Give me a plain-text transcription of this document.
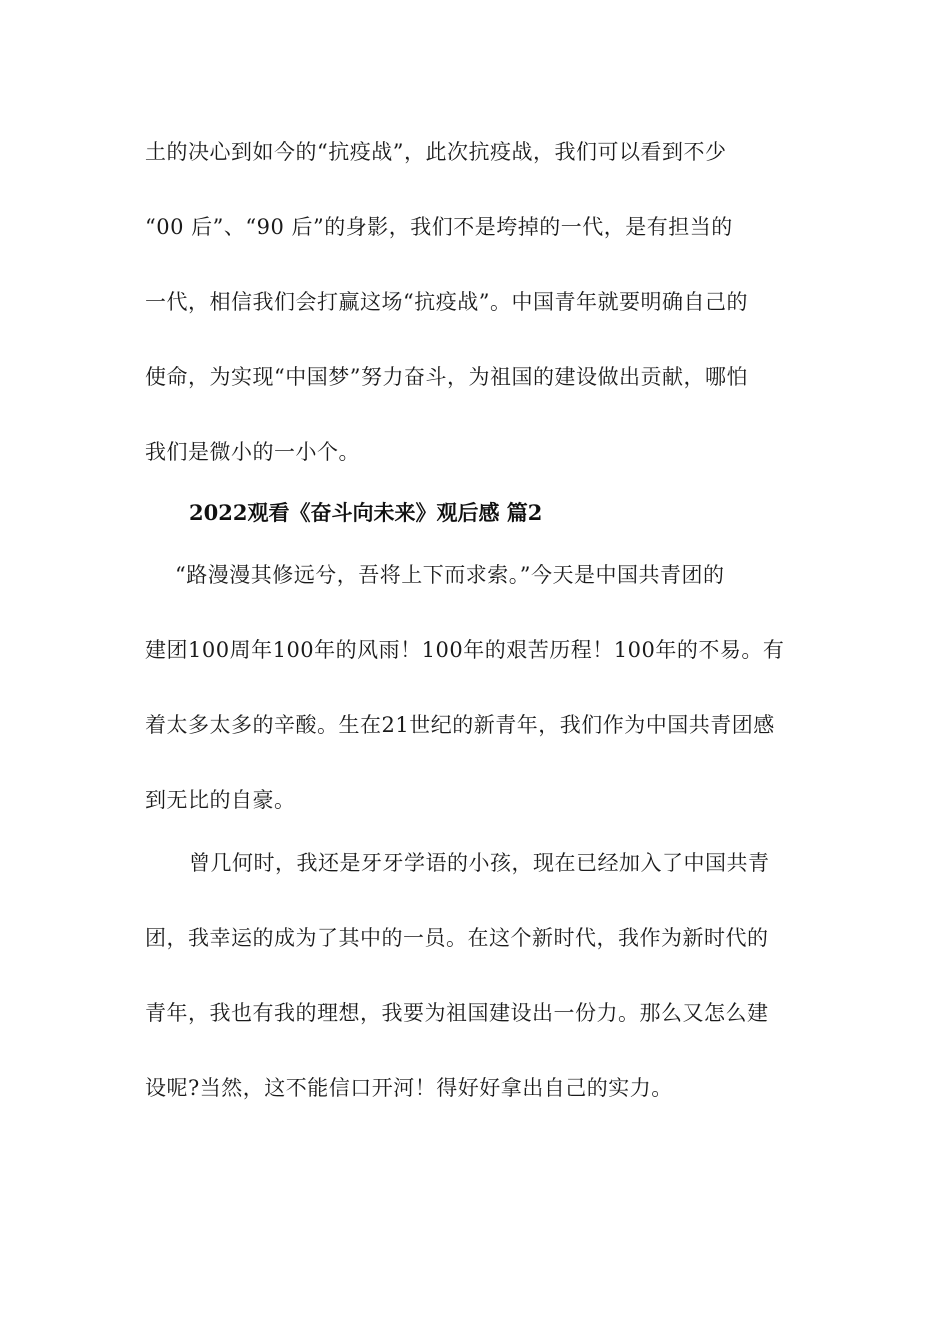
土的决心到如今的“抗疫战”，此次抗疫战，我们可以看到不少
“00 后”、“90 后”的身影，我们不是垮掉的一代，是有担当的
一代，相信我们会打赢这场“抗疫战”。中国青年就要明确自己的
使命，为实现“中国梦”努力奋斗，为祖国的建设做出贡献，哪怕
我们是微小的一小个。
2022观看《奋斗向未来》观后感 篇2
“路漫漫其修远兮，吾将上下而求索。”今天是中国共青团的
建团100周年100年的风雨！100年的艰苦历程！100年的不易。有
着太多太多的辛酸。生在21世纪的新青年，我们作为中国共青团感
到无比的自豪。
曾几何时，我还是牙牙学语的小孩，现在已经加入了中国共青
团，我幸运的成为了其中的一员。在这个新时代，我作为新时代的
青年，我也有我的理想，我要为祖国建设出一份力。那么又怎么建
设呢?当然，这不能信口开河！得好好拿出自己的实力。
